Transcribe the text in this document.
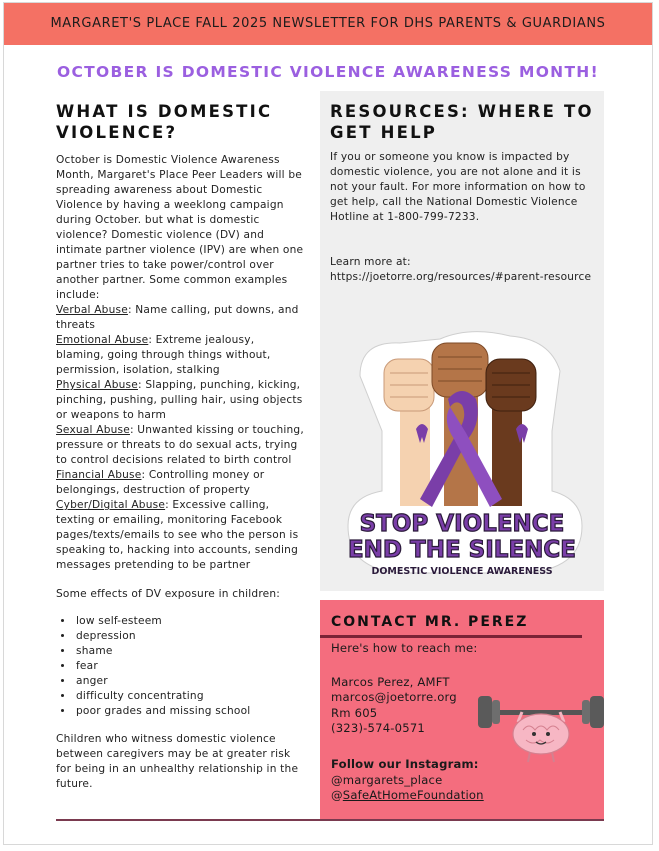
MARGARET'S PLACE FALL 2025 NEWSLETTER FOR DHS PARENTS & GUARDIANS
OCTOBER IS DOMESTIC VIOLENCE AWARENESS MONTH!
WHAT IS DOMESTIC VIOLENCE?
October is Domestic Violence Awareness Month, Margaret's Place Peer Leaders will be spreading awareness about Domestic Violence by having a weeklong campaign during October. but what is domestic violence? Domestic violence (DV) and intimate partner violence (IPV) are when one partner tries to take power/control over another partner. Some common examples include:
Verbal Abuse: Name calling, put downs, and threats
Emotional Abuse: Extreme jealousy, blaming, going through things without, permission, isolation, stalking
Physical Abuse: Slapping, punching, kicking, pinching, pushing, pulling hair, using objects or weapons to harm
Sexual Abuse: Unwanted kissing or touching, pressure or threats to do sexual acts, trying to control decisions related to birth control
Financial Abuse: Controlling money or belongings, destruction of property
Cyber/Digital Abuse: Excessive calling, texting or emailing, monitoring Facebook pages/texts/emails to see who the person is speaking to, hacking into accounts, sending messages pretending to be partner
Some effects of DV exposure in children:
• low self-esteem
• depression
• shame
• fear
• anger
• difficulty concentrating
• poor grades and missing school
Children who witness domestic violence between caregivers may be at greater risk for being in an unhealthy relationship in the future.
RESOURCES: WHERE TO GET HELP
If you or someone you know is impacted by domestic violence, you are not alone and it is not your fault. For more information on how to get help, call the National Domestic Violence Hotline at 1-800-799-7233.
Learn more at:
https://joetorre.org/resources/#parent-resource
STOP VIOLENCE
END THE SILENCE
DOMESTIC VIOLENCE AWARENESS
CONTACT MR. PEREZ
Here's how to reach me:
Marcos Perez, AMFT
marcos@joetorre.org
Rm 605
(323)-574-0571
Follow our Instagram:
@margarets_place
@SafeAtHomeFoundation
